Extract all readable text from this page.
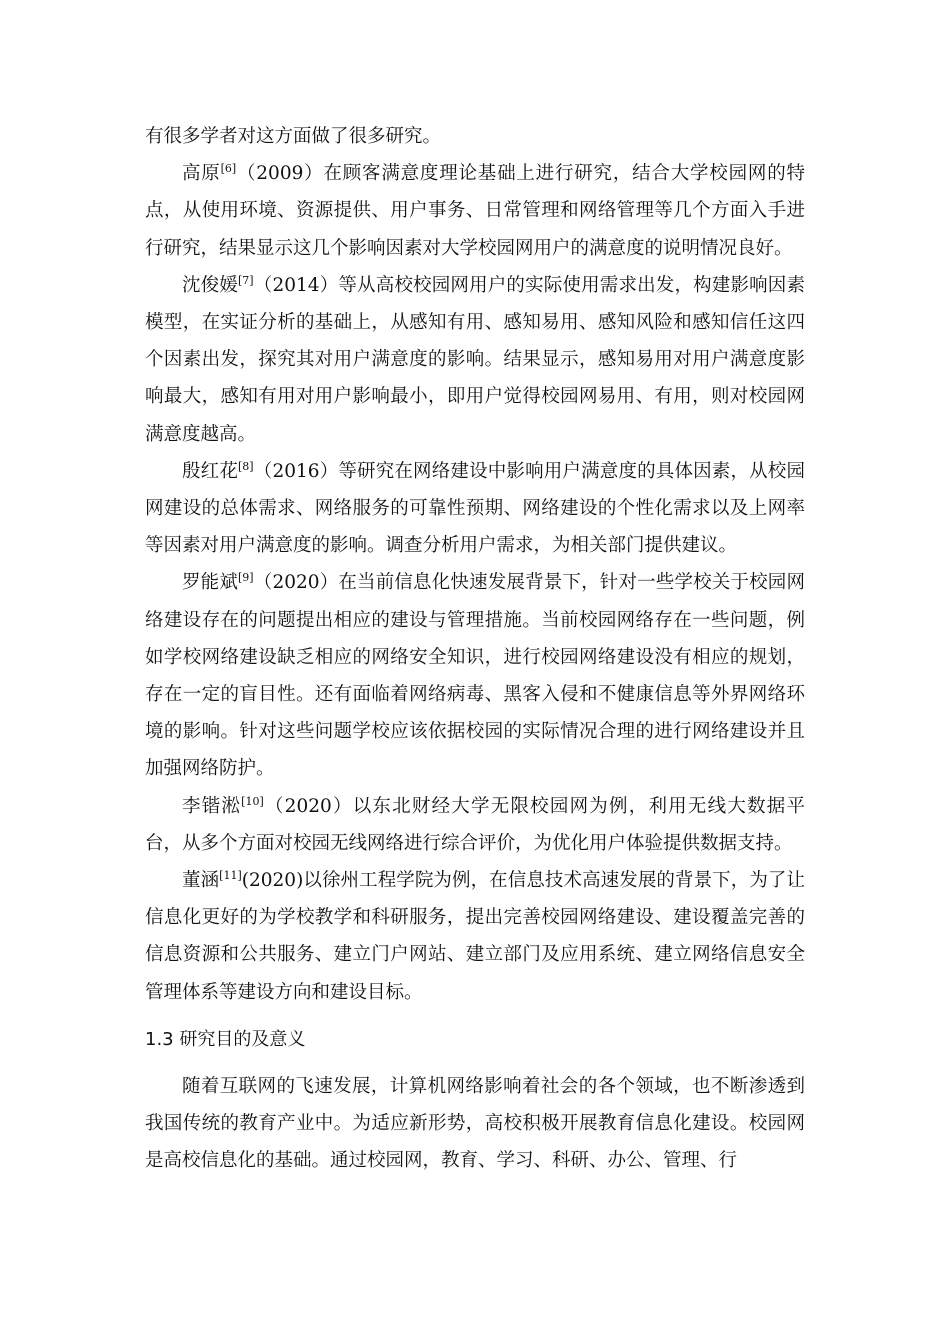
有很多学者对这方面做了很多研究。

高原[6]（2009）在顾客满意度理论基础上进行研究，结合大学校园网的特点，从使用环境、资源提供、用户事务、日常管理和网络管理等几个方面入手进行研究，结果显示这几个影响因素对大学校园网用户的满意度的说明情况良好。

沈俊媛[7]（2014）等从高校校园网用户的实际使用需求出发，构建影响因素模型，在实证分析的基础上，从感知有用、感知易用、感知风险和感知信任这四个因素出发，探究其对用户满意度的影响。结果显示，感知易用对用户满意度影响最大，感知有用对用户影响最小，即用户觉得校园网易用、有用，则对校园网满意度越高。

殷红花[8]（2016）等研究在网络建设中影响用户满意度的具体因素，从校园网建设的总体需求、网络服务的可靠性预期、网络建设的个性化需求以及上网率等因素对用户满意度的影响。调查分析用户需求，为相关部门提供建议。

罗能斌[9]（2020）在当前信息化快速发展背景下，针对一些学校关于校园网络建设存在的问题提出相应的建设与管理措施。当前校园网络存在一些问题，例如学校网络建设缺乏相应的网络安全知识，进行校园网络建设没有相应的规划，存在一定的盲目性。还有面临着网络病毒、黑客入侵和不健康信息等外界网络环境的影响。针对这些问题学校应该依据校园的实际情况合理的进行网络建设并且加强网络防护。

李锴淞[10]（2020）以东北财经大学无限校园网为例，利用无线大数据平台，从多个方面对校园无线网络进行综合评价，为优化用户体验提供数据支持。

董涵[11](2020)以徐州工程学院为例，在信息技术高速发展的背景下，为了让信息化更好的为学校教学和科研服务，提出完善校园网络建设、建设覆盖完善的信息资源和公共服务、建立门户网站、建立部门及应用系统、建立网络信息安全管理体系等建设方向和建设目标。

1.3 研究目的及意义

随着互联网的飞速发展，计算机网络影响着社会的各个领域，也不断渗透到我国传统的教育产业中。为适应新形势，高校积极开展教育信息化建设。校园网是高校信息化的基础。通过校园网，教育、学习、科研、办公、管理、行
